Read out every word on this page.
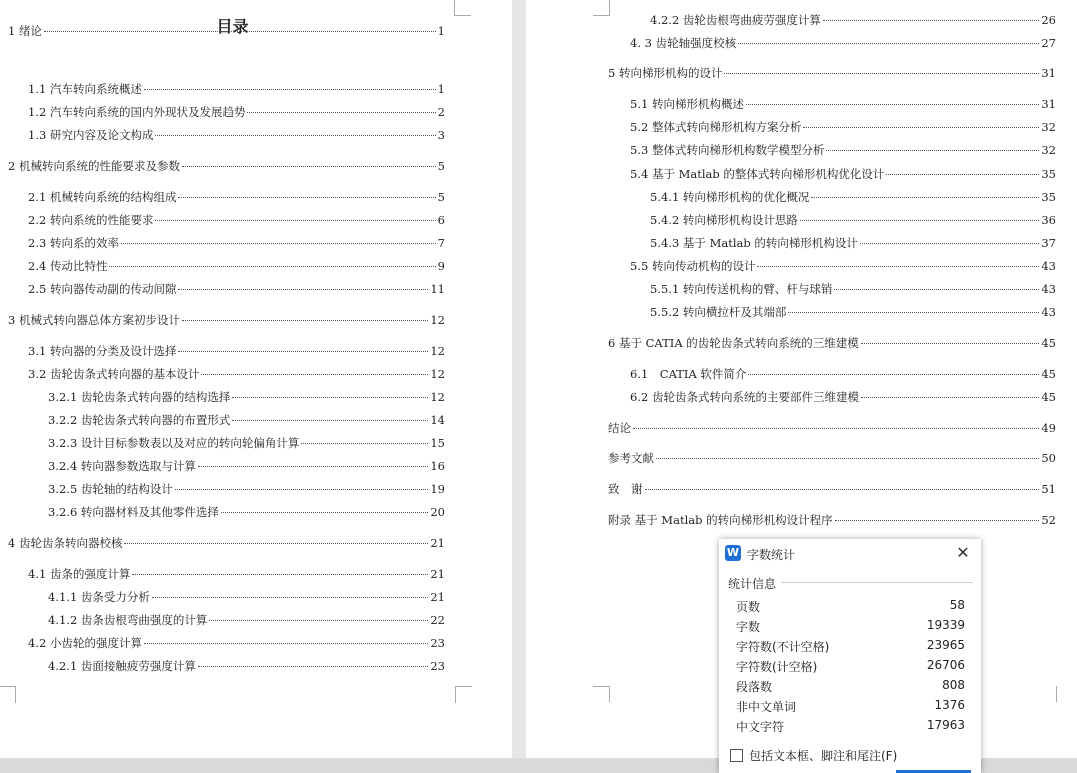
目录
1 绪论	1
1.1 汽车转向系统概述	1
1.2 汽车转向系统的国内外现状及发展趋势	2
1.3 研究内容及论文构成	3
2 机械转向系统的性能要求及参数	5
2.1 机械转向系统的结构组成	5
2.2 转向系统的性能要求	6
2.3 转向系的效率	7
2.4 传动比特性	9
2.5 转向器传动副的传动间隙	11
3 机械式转向器总体方案初步设计	12
3.1 转向器的分类及设计选择	12
3.2 齿轮齿条式转向器的基本设计	12
3.2.1 齿轮齿条式转向器的结构选择	12
3.2.2 齿轮齿条式转向器的布置形式	14
3.2.3 设计目标参数表以及对应的转向轮偏角计算	15
3.2.4 转向器参数选取与计算	16
3.2.5 齿轮轴的结构设计	19
3.2.6 转向器材料及其他零件选择	20
4 齿轮齿条转向器校核	21
4.1 齿条的强度计算	21
4.1.1 齿条受力分析	21
4.1.2 齿条齿根弯曲强度的计算	22
4.2 小齿轮的强度计算	23
4.2.1 齿面接触疲劳强度计算	23
4.2.2 齿轮齿根弯曲疲劳强度计算	26
4. 3 齿轮轴强度校核	27
5 转向梯形机构的设计	31
5.1 转向梯形机构概述	31
5.2 整体式转向梯形机构方案分析	32
5.3 整体式转向梯形机构数学模型分析	32
5.4 基于 Matlab 的整体式转向梯形机构优化设计	35
5.4.1 转向梯形机构的优化概况	35
5.4.2 转向梯形机构设计思路	36
5.4.3 基于 Matlab 的转向梯形机构设计	37
5.5 转向传动机构的设计	43
5.5.1 转向传送机构的臂、杆与球销	43
5.5.2 转向横拉杆及其端部	43
6 基于 CATIA 的齿轮齿条式转向系统的三维建模	45
6.1　CATIA 软件简介	45
6.2 齿轮齿条式转向系统的主要部件三维建模	45
结论	49
参考文献	50
致　谢	51
附录 基于 Matlab 的转向梯形机构设计程序	52
W 字数统计	✕
统计信息
页数	58
字数	19339
字符数(不计空格)	23965
字符数(计空格)	26706
段落数	808
非中文单词	1376
中文字符	17963
包括文本框、脚注和尾注(F)
